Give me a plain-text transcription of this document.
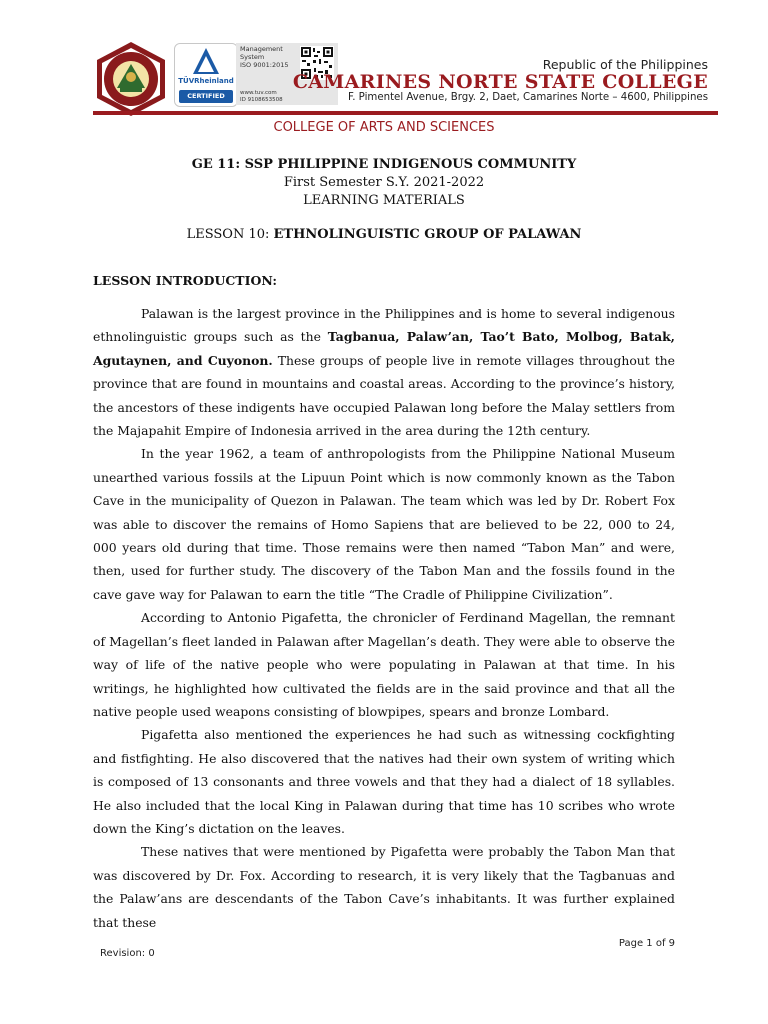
TÜVRheinland
CERTIFIED
Management
System
ISO 9001:2015
www.tuv.com
ID 9108653508
Republic of the Philippines
CAMARINES NORTE STATE COLLEGE
F. Pimentel Avenue, Brgy. 2, Daet, Camarines Norte – 4600, Philippines
COLLEGE OF ARTS AND SCIENCES
GE 11: SSP PHILIPPINE INDIGENOUS COMMUNITY
First Semester S.Y. 2021-2022
LEARNING MATERIALS
LESSON 10: ETHNOLINGUISTIC GROUP OF PALAWAN
LESSON INTRODUCTION:

Palawan is the largest province in the Philippines and is home to several indigenous ethnolinguistic groups such as the Tagbanua, Palaw’an, Tao’t Bato, Molbog, Batak, Agutaynen, and Cuyonon. These groups of people live in remote villages throughout the province that are found in mountains and coastal areas. According to the province’s history, the ancestors of these indigents have occupied Palawan long before the Malay settlers from the Majapahit Empire of Indonesia arrived in the area during the 12th century.

In the year 1962, a team of anthropologists from the Philippine National Museum unearthed various fossils at the Lipuun Point which is now commonly known as the Tabon Cave in the municipality of Quezon in Palawan. The team which was led by Dr. Robert Fox was able to discover the remains of Homo Sapiens that are believed to be 22, 000 to 24, 000 years old during that time. Those remains were then named “Tabon Man” and were, then, used for further study. The discovery of the Tabon Man and the fossils found in the cave gave way for Palawan to earn the title “The Cradle of Philippine Civilization”.

According to Antonio Pigafetta, the chronicler of Ferdinand Magellan, the remnant of Magellan’s fleet landed in Palawan after Magellan’s death. They were able to observe the way of life of the native people who were populating in Palawan at that time. In his writings, he highlighted how cultivated the fields are in the said province and that all the native people used weapons consisting of blowpipes, spears and bronze Lombard.

Pigafetta also mentioned the experiences he had such as witnessing cockfighting and fistfighting. He also discovered that the natives had their own system of writing which is composed of 13 consonants and three vowels and that they had a dialect of 18 syllables. He also included that the local King in Palawan during that time has 10 scribes who wrote down the King’s dictation on the leaves.

These natives that were mentioned by Pigafetta were probably the Tabon Man that was discovered by Dr. Fox. According to research, it is very likely that the Tagbanuas and the Palaw’ans are descendants of the Tabon Cave’s inhabitants. It was further explained that these

Page 1 of 9
Revision: 0
